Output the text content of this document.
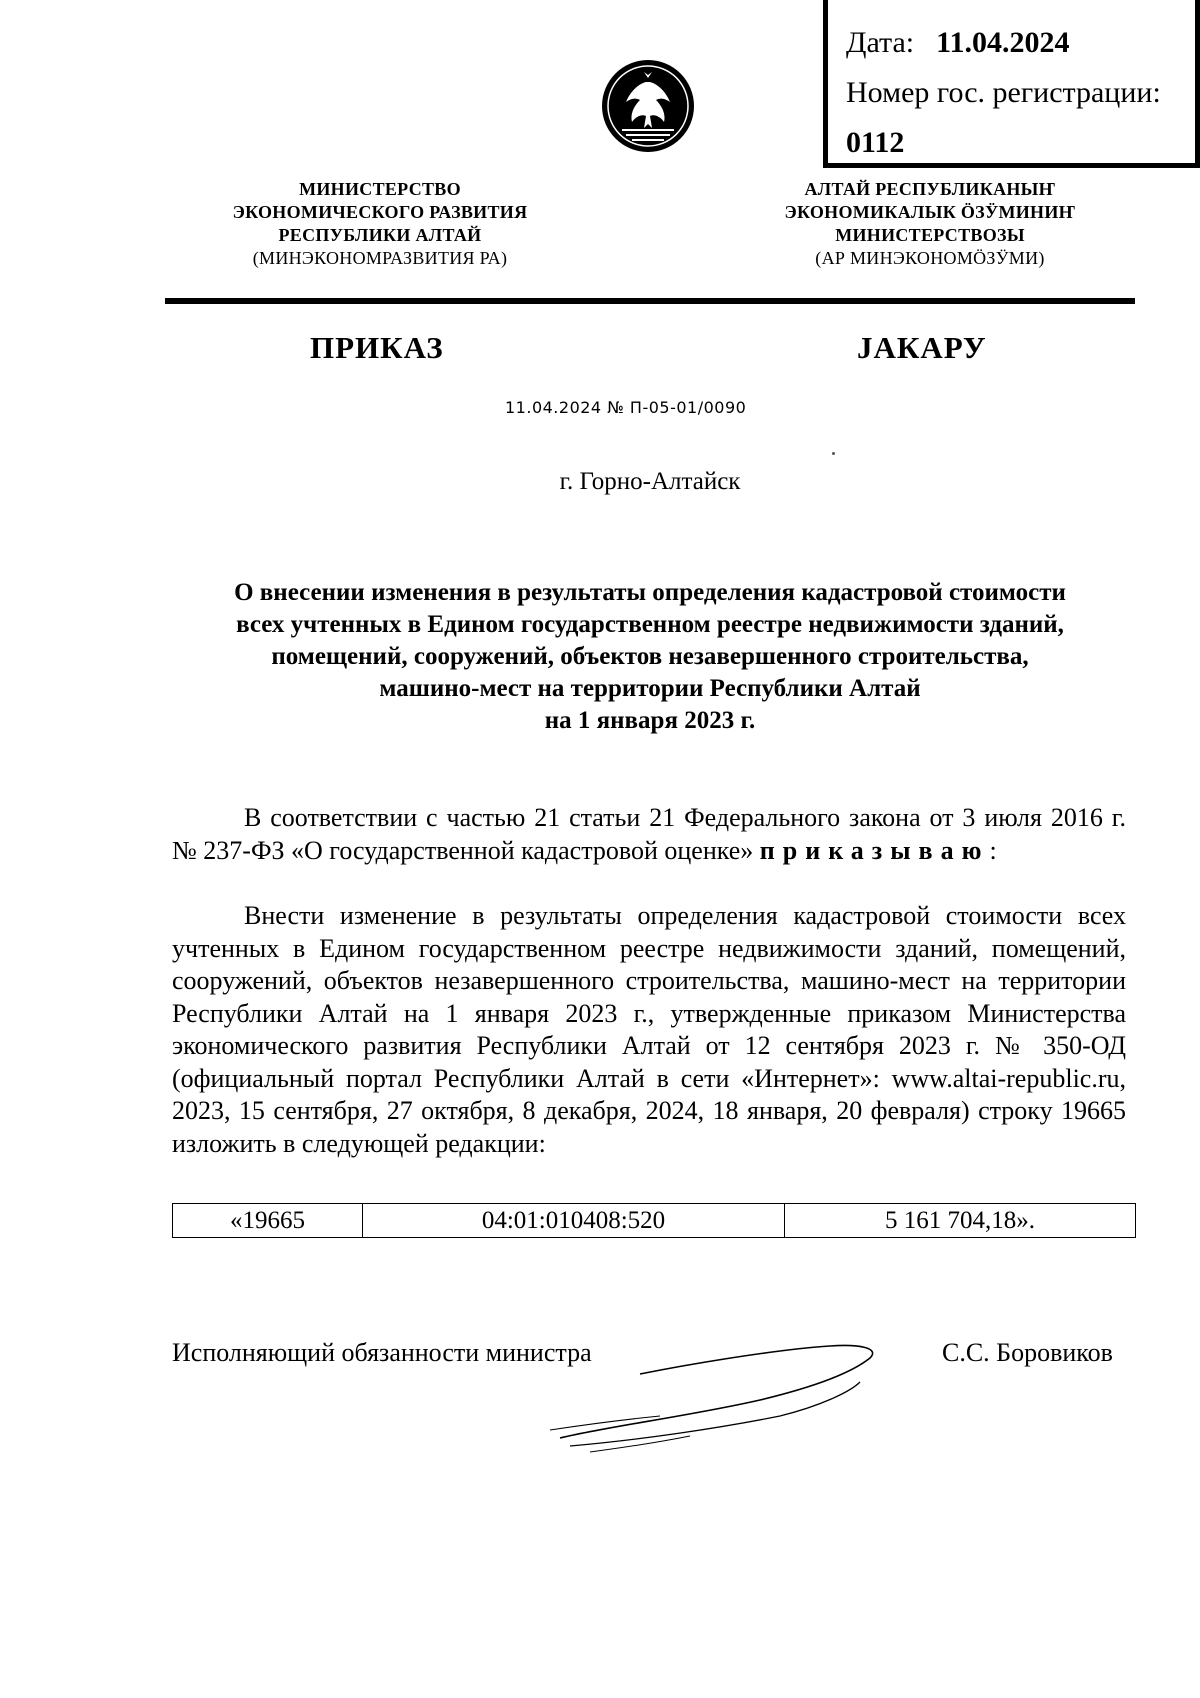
Дата: 11.04.2024
Номер гос. регистрации:
0112
МИНИСТЕРСТВО
ЭКОНОМИЧЕСКОГО РАЗВИТИЯ
РЕСПУБЛИКИ АЛТАЙ
(МИНЭКОНОМРАЗВИТИЯ РА)
АЛТАЙ РЕСПУБЛИКАНЫҤ
ЭКОНОМИКАЛЫК ÖЗӰМИНИҤ
МИНИСТЕРСТВОЗЫ
(АР МИНЭКОНОМÖЗӰМИ)
ПРИКАЗ	ЈАКАРУ
11.04.2024 № П-05-01/0090
г. Горно-Алтайск
О внесении изменения в результаты определения кадастровой стоимости
всех учтенных в Едином государственном реестре недвижимости зданий,
помещений, сооружений, объектов незавершенного строительства,
машино-мест на территории Республики Алтай
на 1 января 2023 г.
В соответствии с частью 21 статьи 21 Федерального закона от 3 июля 2016 г. № 237-ФЗ «О государственной кадастровой оценке» приказываю:
Внести изменение в результаты определения кадастровой стоимости всех учтенных в Едином государственном реестре недвижимости зданий, помещений, сооружений, объектов незавершенного строительства, машино-мест на территории Республики Алтай на 1 января 2023 г., утвержденные приказом Министерства экономического развития Республики Алтай от 12 сентября 2023 г. № 350-ОД (официальный портал Республики Алтай в сети «Интернет»: www.altai-republic.ru, 2023, 15 сентября, 27 октября, 8 декабря, 2024, 18 января, 20 февраля) строку 19665 изложить в следующей редакции:
«19665	04:01:010408:520	5 161 704,18».
Исполняющий обязанности министра	С.С. Боровиков
